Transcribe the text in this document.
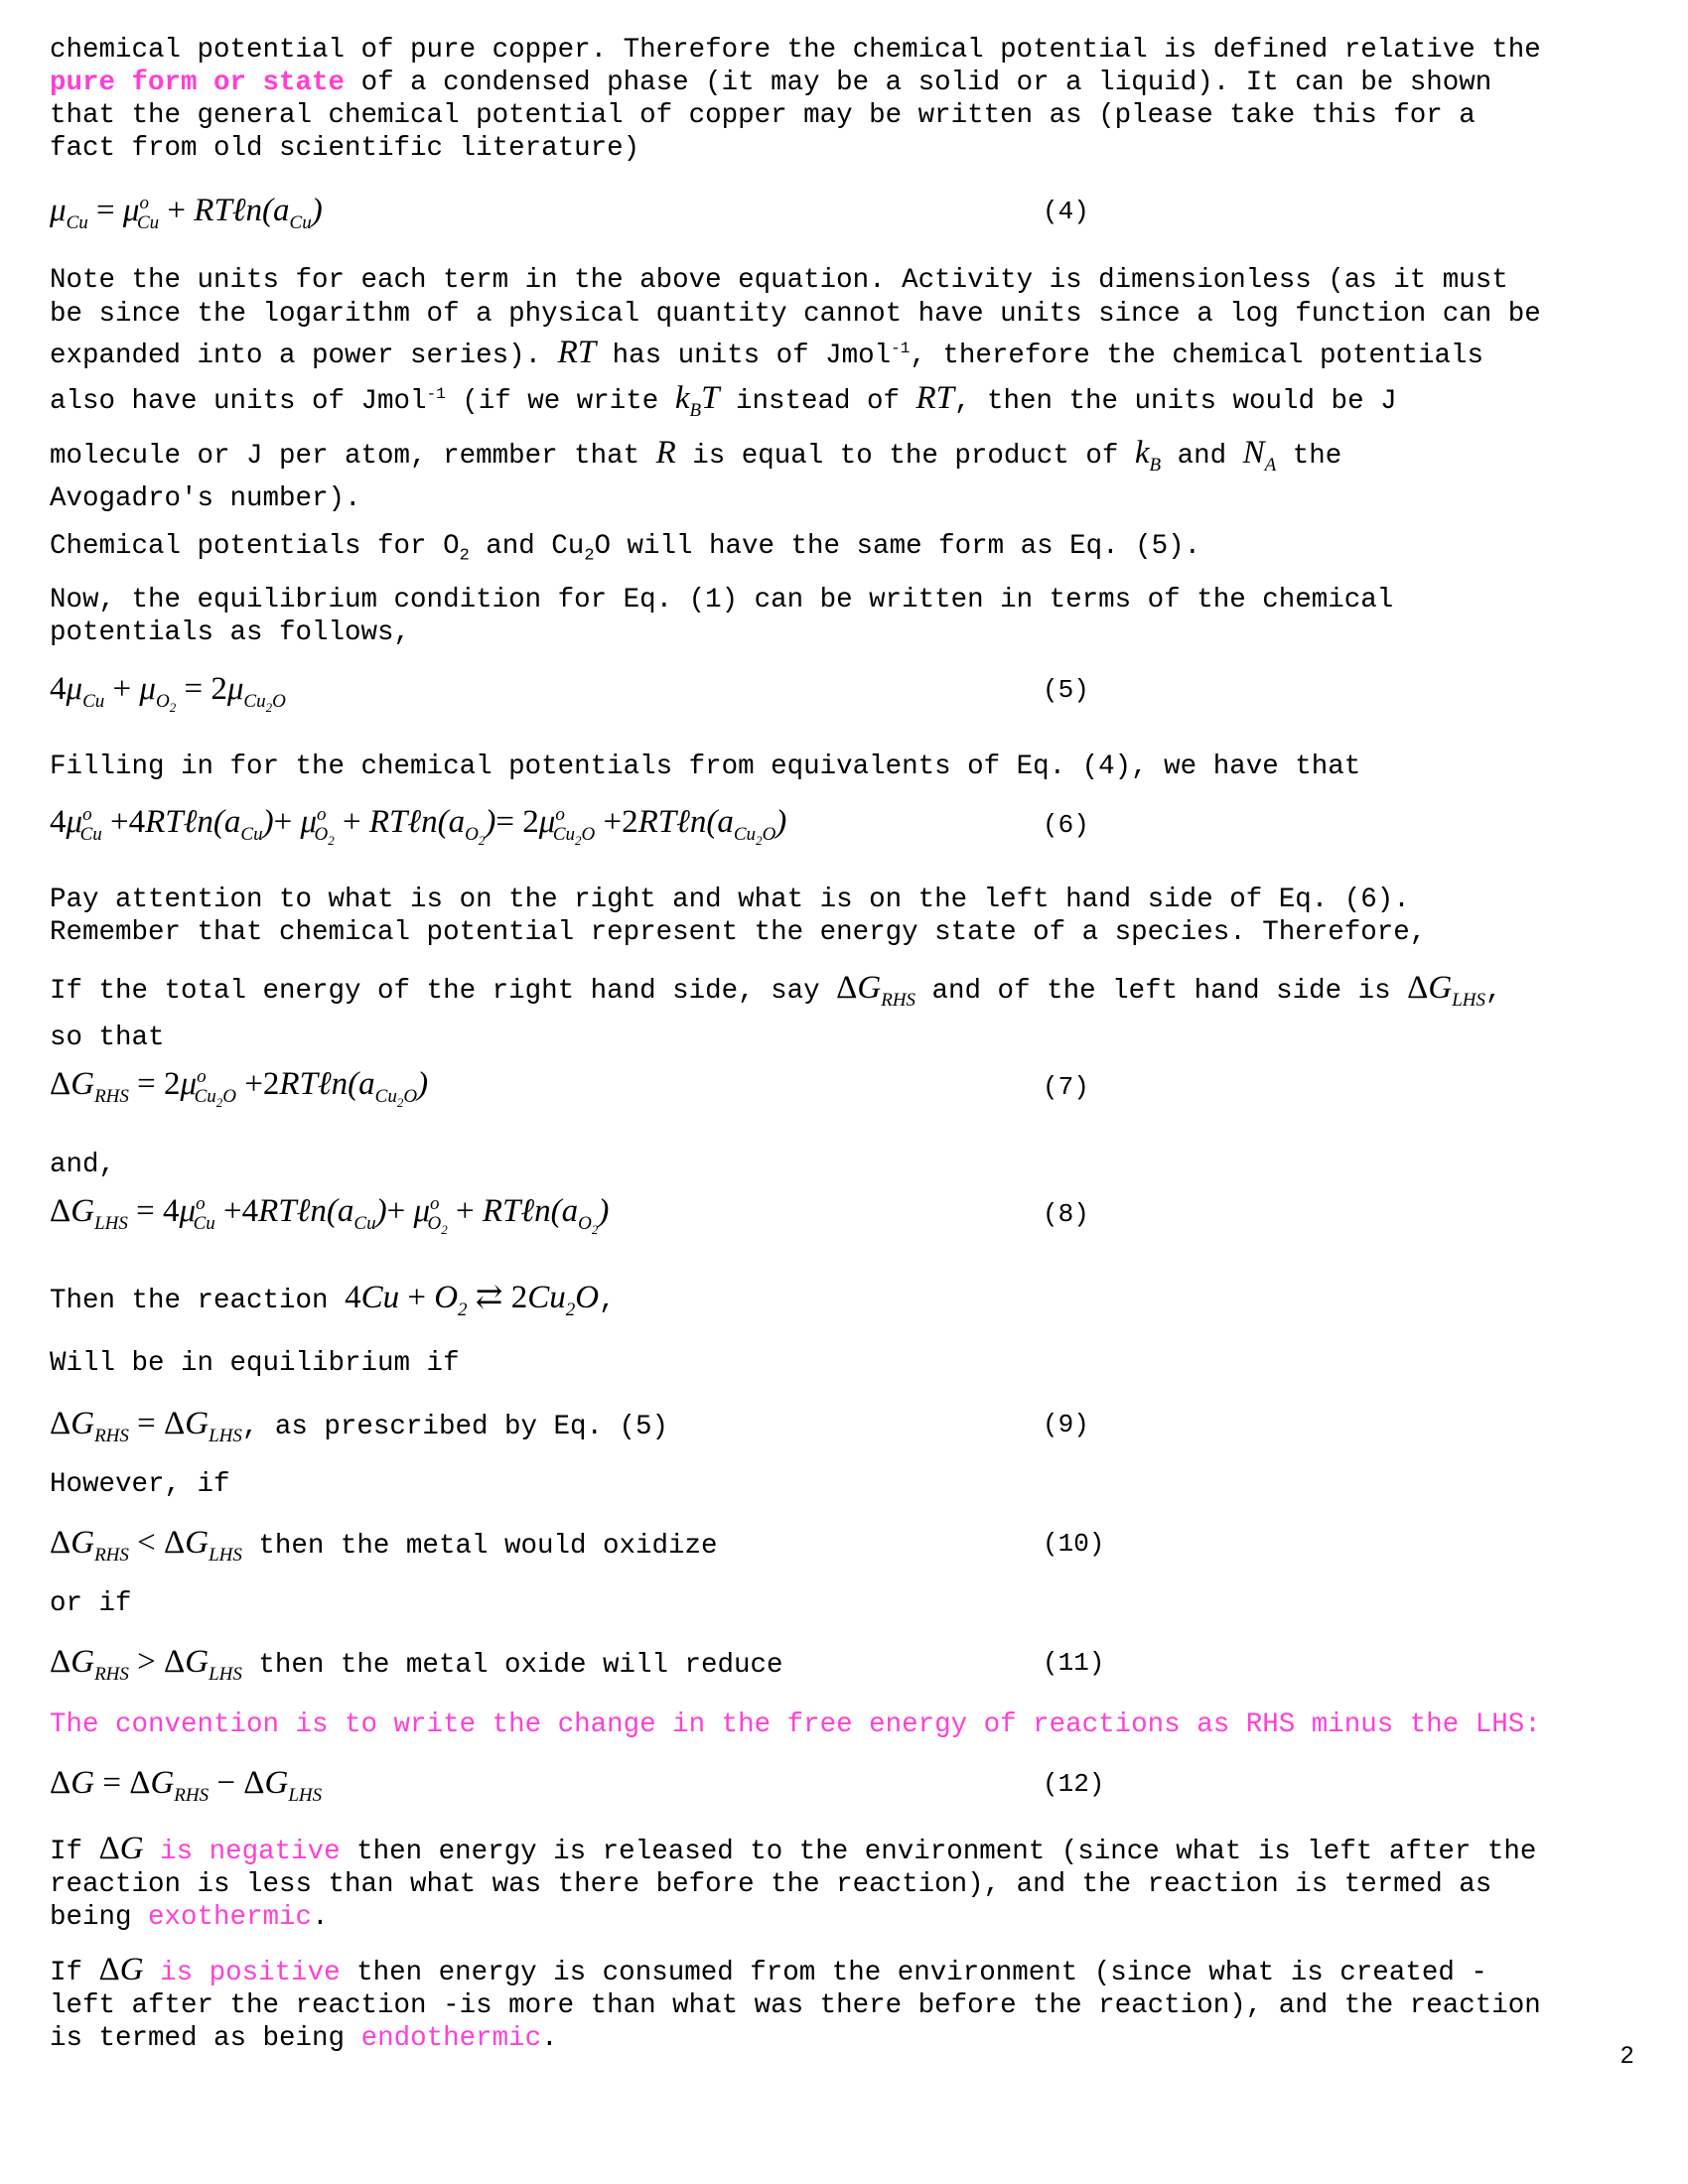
chemical potential of pure copper. Therefore the chemical potential is defined relative the
pure form or state of a condensed phase (it may be a solid or a liquid). It can be shown
that the general chemical potential of copper may be written as (please take this for a
fact from old scientific literature)
$\mu_{Cu} = \mu^o_{Cu}$ + $RT\ell n(a_{Cu})$	(4)
Note the units for each term in the above equation. Activity is dimensionless (as it must
be since the logarithm of a physical quantity cannot have units since a log function can be
expanded into a power series). RT has units of Jmol$^{-1}$, therefore the chemical potentials
also have units of Jmol$^{-1}$ (if we write $k_BT$ instead of RT, then the units would be J
molecule or J per atom, remmber that R is equal to the product of $k_B$ and $N_A$ the
Avogadro's number).
Chemical potentials for $O_2$ and $Cu_2O$ will have the same form as Eq. (5).
Now, the equilibrium condition for Eq. (1) can be written in terms of the chemical
potentials as follows,
$4\mu_{Cu} + \mu_{O_2} = 2\mu_{Cu_2O}$	(5)
Filling in for the chemical potentials from equivalents of Eq. (4), we have that
$4\mu^o_{Cu}$ $+4RT\ell n(a_{Cu})+ \mu^o_{O_2}$ + $RT\ell n(a_{O_2})= 2\mu^o_{Cu_2O}$ $+2RT\ell n(a_{Cu_2O})$	(6)
Pay attention to what is on the right and what is on the left hand side of Eq. (6).
Remember that chemical potential represent the energy state of a species. Therefore,
If the total energy of the right hand side, say $\Delta G_{RHS}$ and of the left hand side is $\Delta G_{LHS}$,
so that
$\Delta G_{RHS} = 2\mu^o_{Cu_2O}$ $+2RT\ell n(a_{Cu_2O})$	(7)
and,
$\Delta G_{LHS} = 4\mu^o_{Cu}$ $+4RT\ell n(a_{Cu})+ \mu^o_{O_2}$ + $RT\ell n(a_{O_2})$	(8)
Then the reaction $4Cu + O_2$ ⇄ $2Cu_2O$,
Will be in equilibrium if
$\Delta G_{RHS} = \Delta G_{LHS}$, as prescribed by Eq. (5)	(9)
However, if
$\Delta G_{RHS} < \Delta G_{LHS}$ then the metal would oxidize	(10)
or if
$\Delta G_{RHS} > \Delta G_{LHS}$ then the metal oxide will reduce	(11)
The convention is to write the change in the free energy of reactions as RHS minus the LHS:
$\Delta G = \Delta G_{RHS} - \Delta G_{LHS}$	(12)
If ΔG is negative then energy is released to the environment (since what is left after the
reaction is less than what was there before the reaction), and the reaction is termed as
being exothermic.
If ΔG is positive then energy is consumed from the environment (since what is created -
left after the reaction -is more than what was there before the reaction), and the reaction
is termed as being endothermic.
2
